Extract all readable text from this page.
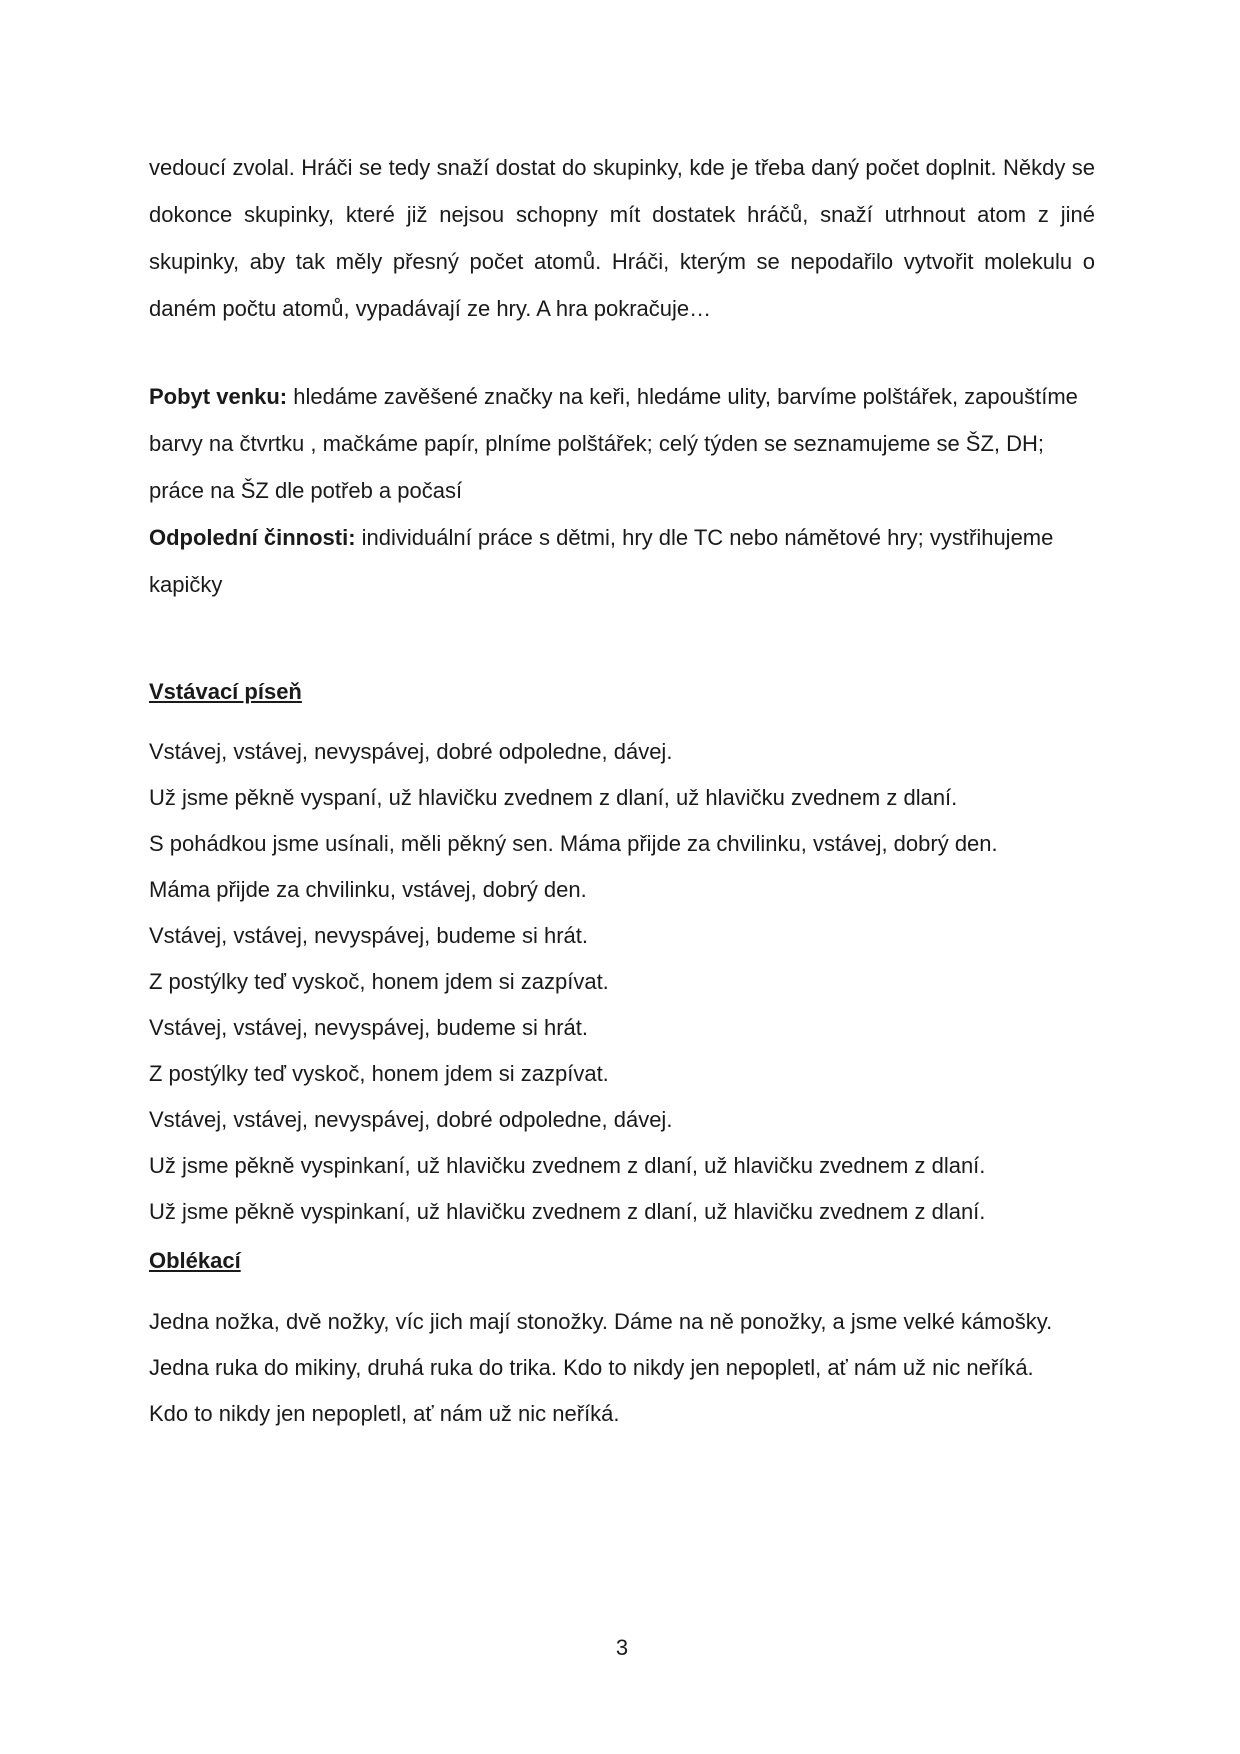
vedoucí zvolal. Hráči se tedy snaží dostat do skupinky, kde je třeba daný počet doplnit. Někdy se dokonce skupinky, které již nejsou schopny mít dostatek hráčů, snaží utrhnout atom z jiné skupinky, aby tak měly přesný počet atomů. Hráči, kterým se nepodařilo vytvořit molekulu o daném počtu atomů, vypadávají ze hry. A hra pokračuje…

Pobyt venku: hledáme zavěšené značky na keři, hledáme ulity, barvíme polštářek, zapouštíme barvy na čtvrtku , mačkáme papír, plníme polštářek; celý týden se seznamujeme se ŠZ, DH; práce na ŠZ dle potřeb a počasí

Odpolední činnosti: individuální práce s dětmi, hry dle TC nebo námětové hry; vystřihujeme kapičky

Vstávací píseň
Vstávej, vstávej, nevyspávej, dobré odpoledne, dávej.
Už jsme pěkně vyspaní, už hlavičku zvednem z dlaní, už hlavičku zvednem z dlaní.
S pohádkou jsme usínali, měli pěkný sen. Máma přijde za chvilinku, vstávej, dobrý den.
Máma přijde za chvilinku, vstávej, dobrý den.
Vstávej, vstávej, nevyspávej, budeme si hrát.
Z postýlky teď vyskoč, honem jdem si zazpívat.
Vstávej, vstávej, nevyspávej, budeme si hrát.
Z postýlky teď vyskoč, honem jdem si zazpívat.
Vstávej, vstávej, nevyspávej, dobré odpoledne, dávej.
Už jsme pěkně vyspinkaní, už hlavičku zvednem z dlaní, už hlavičku zvednem z dlaní.
Už jsme pěkně vyspinkaní, už hlavičku zvednem z dlaní, už hlavičku zvednem z dlaní.
Oblékací
Jedna nožka, dvě nožky, víc jich mají stonožky. Dáme na ně ponožky, a jsme velké kámošky.
Jedna ruka do mikiny, druhá ruka do trika. Kdo to nikdy jen nepopletl, ať nám už nic neříká.
Kdo to nikdy jen nepopletl, ať nám už nic neříká.
3
